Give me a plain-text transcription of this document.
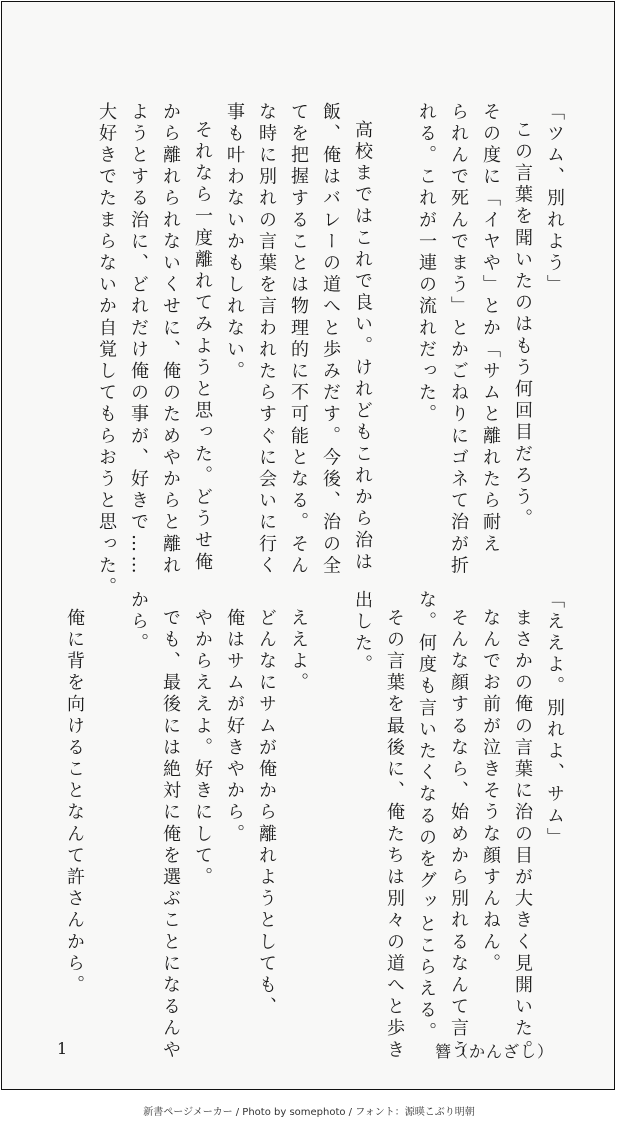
「ツム、別れよう」

この言葉を聞いたのはもう何回目だろう。

その度に「イヤや」とか「サムと離れたら耐え

られんで死んでまう」とかごねりにゴネて治が折

れる。これが一連の流れだった。

高校まではこれで良い。けれどもこれから治は

飯、俺はバレーの道へと歩みだす。今後、治の全

てを把握することは物理的に不可能となる。そん

な時に別れの言葉を言われたらすぐに会いに行く

事も叶わないかもしれない。

それなら一度離れてみようと思った。どうせ俺

から離れられないくせに、俺のためやからと離れ

ようとする治に、どれだけ俺の事が、好きで……

大好きでたまらないか自覚してもらおうと思った。

「ええよ。別れよ、サム」

まさかの俺の言葉に治の目が大きく見開いた。

なんでお前が泣きそうな顔すんねん。

そんな顔するなら、始めから別れるなんて言う

な。何度も言いたくなるのをグッとこらえる。

その言葉を最後に、俺たちは別々の道へと歩き

出した。

ええよ。

どんなにサムが俺から離れようとしても、

俺はサムが好きやから。

やからええよ。好きにして。

でも、最後には絶対に俺を選ぶことになるんや

から。

俺に背を向けることなんて許さんから。

1	簪（かんざし）
新書ページメーカー / Photo by somephoto / フォント：源暎こぶり明朝
